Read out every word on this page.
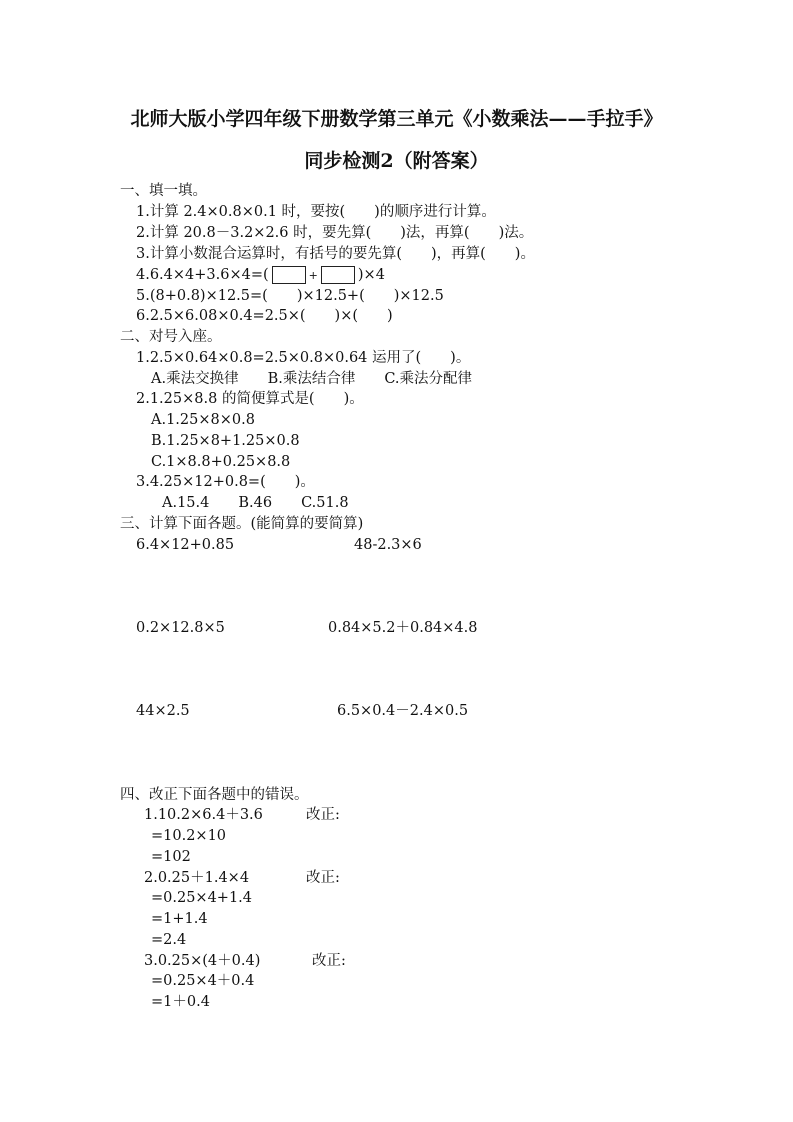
北师大版小学四年级下册数学第三单元《小数乘法——手拉手》
同步检测2（附答案）
一、填一填。
1.计算 2.4×0.8×0.1 时，要按(　　)的顺序进行计算。
2.计算 20.8－3.2×2.6 时，要先算(　　)法，再算(　　)法。
3.计算小数混合运算时，有括号的要先算(　　)，再算(　　)。
4.6.4×4+3.6×4=(	+	)×4
5.(8+0.8)×12.5=(　　)×12.5+(　　)×12.5
6.2.5×6.08×0.4=2.5×(　　)×(　　)
二、对号入座。
1.2.5×0.64×0.8=2.5×0.8×0.64 运用了(　　)。
A.乘法交换律　　B.乘法结合律　　C.乘法分配律
2.1.25×8.8 的简便算式是(　　)。
A.1.25×8×0.8
B.1.25×8+1.25×0.8
C.1×8.8+0.25×8.8
3.4.25×12+0.8=(　　)。
A.15.4　　B.46　　C.51.8
三、计算下面各题。(能简算的要简算)
6.4×12+0.85	48-2.3×6
0.2×12.8×5	0.84×5.2＋0.84×4.8
44×2.5	6.5×0.4－2.4×0.5
四、改正下面各题中的错误。
1.10.2×6.4＋3.6	改正:
=10.2×10
=102
2.0.25＋1.4×4	改正:
=0.25×4+1.4
=1+1.4
=2.4
3.0.25×(4＋0.4)	改正:
=0.25×4＋0.4
=1＋0.4
